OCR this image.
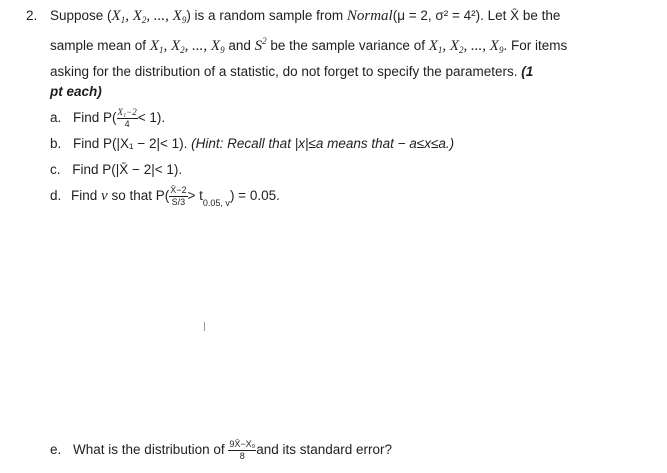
2. Suppose ($X_1$, $X_2$, ..., $X_9$) is a random sample from Normal(μ = 2, σ² = 4²). Let X̄ be the
sample mean of $X_1$, $X_2$, ..., $X_9$ and $S^2$ be the sample variance of $X_1$, $X_2$, ..., $X_9$. For items
asking for the distribution of a statistic, do not forget to specify the parameters. (1
pt each)
a. Find $P( \frac{\text{X₁−2}}{4} < 1)$.
b. Find P(|X₁ − 2|< 1). (Hint: Recall that |x|≤a means that − a≤x≤a.)
c. Find P(|X̄ − 2|< 1).
d. Find v so that $P( \frac{X̄-2}{S/3} > t_{0.05, v}) = 0.05$.
e. What is the distribution of $\frac{\text{9X̄−X₉}}{8}$ and its standard error?
